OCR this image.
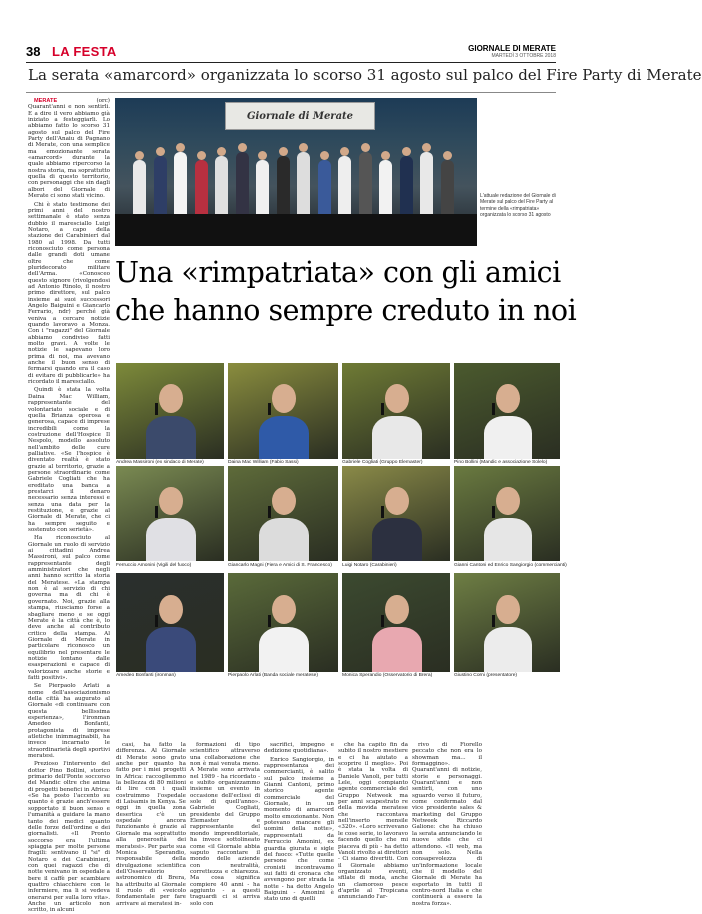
38 LA FESTA	GIORNALE DI MERATE
MARTEDÌ 3 OTTOBRE 2018
La serata «amarcord» organizzata lo scorso 31 agosto sul palco del Fire Party di Merate
Giornale di Merate
L'attuale redazione del Giornale di Merate sul palco del Fire Party al termine della «rimpatriata» organizzata lo scorso 31 agosto
Una «rimpatriata» con gli amici
che hanno sempre creduto in noi

MERATE	(orc) Quarant'anni e non sentirli. E a dire il vero abbiamo già iniziato a festeggiarli. Lo abbiamo fatto lo scorso 31 agosto sul palco del Fire Party dell'Anaiu di Pagnano di Merate, con una semplice ma emozionante serata «amarcord» durante la quale abbiamo ripercorso la nostra storia, ma soprattutto quella di questo territorio, con personaggi che sin dagli albori del Giornale di Merate ci sono stati vicino.

Chi è stato testimone dei primi anni del nostro settimanale è stato senza dubbio il maresciallo Luigi Notaro, a capo della stazione dei Carabinieri dal 1980 al 1998. Da tutti riconosciuto come persona dalle grandi doti umane oltre che come pluridecorato militare dell'Arma. «Conosceo questo signore (rivolgendosi ad Antonio Rinolo, il nostro primo direttore, sul palco insieme ai suoi successori Angelo Baiguini e Giancarlo Ferrario, ndr) perché già veniva a cercare notizie quando lavoravo a Monza. Con i "ragazzi" del Giornale abbiamo condiviso fatti molto gravi. A volte le notizie le sapevano loro prima di noi, ma avevano anche il buon senso di fermarsi quando era il caso di evitare di pubblicarle» ha ricordato il maresciallo.

Quindi è stata la volta Daina Mac William, rappresentante del volontariato sociale e di quella Brianza operosa e generosa, capace di imprese incredibili come la costruzione dell'Hospice Il Nespolo, modello assoluto nell'ambito delle cure palliative. «Se l'hospice è diventato realtà è stato grazie al territorio, grazie a persone straordinarie come Gabriele Cogliati che ha ereditato una banca a prestarci il denaro necessario senza interessi e senza una data per la restituzione, e grazie al Giornale di Merate, che ci ha sempre seguito e sostenuto con serietà».

Ha riconosciuto al Giornale un ruolo di servizio ai cittadini Andrea Massironi, sul palco come rappresentante degli amministratori che negli anni hanno scritto la storia del Meratese. «La stampa non è al servizio di chi governa ma di chi è governato. Noi, grazie alla stampa, riusciamo forse a sbagliare meno e se oggi Merate è la città che è, lo deve anche al contributo critico della stampa. Al Giornale di Merate in particolare riconosco un equilibrio nel presentare le notizie lontano dalle esasperazioni e capace di valorizzare anche storie e fatti positivi».

Se Pierpaolo Arlati a nome dell'associazionismo della città ha augurato al Giornale «di continuare con questa bellissima esperienza», l'ironman Amedeo Bonfanti, protagonista di imprese atletiche inimmaginabili, ha invece incarnato le straordinarietà degli sportivi meratesi.

Prezioso l'intervento del dottor Pino Bollini, storico primario dell'Ponte soccorso del Mandic oltre che anima di progetti benefici in Africa: «Se ha posto l'accento su quanto è grazie anch'essere sopportato il buon senso e l'umanità a guidare la mano tanto dei medici quanto delle forze dell'ordine e dei giornalisti. «Il Pronto soccorso era l'ultima spiaggia per molte persone fragili: sentivano il "si" di Notaro e dei Carabinieri, con quei ragazzi che di notte venivano in ospedale a bere il caffè per scambiare quattro chiacchiere con le infermiere, ma li si vedeva onerarsi per sulla loro vita». Anche un articolo non scritto, in alcuni

casi, ha fatto la differenza. Al Giornale di Merate sono grato anche per quanto ha fatto per i miei progetti in Africa: raccogliemmo la bellezza di 80 milioni di lire con i quali costruimmo l'ospedale di Laisamis in Kenya. Se oggi in quella zona desertica c'è un ospedale ancora funzionante è grazie al Giornale ma soprattutto alla generosità dei meratesi». Per parte sua Monica Sperandio, responsabile della divulgazione scientifica dell'Osservatorio astronomico di Brera, ha attribuito al Giornale il ruolo di «veicolo fondamentale per fare arrivare ai meratesi in-

formazioni di tipo scientifico attraverso una collaborazione che non è mai venuta meno. A Merate sono arrivata nel 1989 - ha ricordato - e subito organizzammo insieme un evento in occasione dell'eclissi di sole di quell'anno». Gabriele Cogliati, presidente del Gruppo Elemaster e rappresentante del mondo imprenditoriale, ha invece sottolineato come «il Giornale abbia saputo raccontare il mondo delle aziende con neutralità, correttezza e chiarezza. Ma cosa significa compiere 40 anni - ha aggiunto - a questi traguardi ci si arriva solo con

sacrifici, impegno e dedizione quotidiana».

Enrico Sangiorgio, in rappresentanza dei commercianti, è salito sul palco insieme a Gianni Cantoni, primo storico agente commerciale del Giornale, in un momento di amarcord molto emozionante. Non potevano mancare gli uomini della notte», rappresentati da Ferruccio Amonini, ex guardia giurata e sigle del fuoco: «Tutte quelle persone che come cronisti incontravamo sui fatti di cronaca che avvengono per strada la notte - ha detto Angelo Baiguini - Amonini è stato uno di quelli

che ha capito fin da subito il nostro mestiere e ci ha aiutato a scoprire il meglio». Poi è stata la volta di Daniele Vanoli, per tutti Lele, oggi compianto agente commerciale del Gruppo Netweek ma per anni scapestrato re della movida meratese che raccontava nell'inserto mensile «320». «Loro scrivevano le cose serie, io lavoravo facendo quello che mi piaceva di più - ha detto Vanoli rivolto ai direttori - Ci siamo divertiti. Con il Giornale abbiamo organizzato eventi, sfilate di moda, anche un clamoroso pesce d'aprile al Tropicana annunciando l'ar-

rivo di Fiorello peccato che non era lo showman ma... il formaggino». Quarant'anni di notizie, storie e personaggi. Quarant'anni e non sentirli, con uno sguardo verso il futuro, come confermato dal vice presidente sales & marketing del Gruppo Netweek Riccardo Galione: che ha chiuso la serata annunciando le nuove sfide che ci attendono. «Il web, ma non solo. Nella consapevolezza di un'informazione locale che il modello del Giornale di Merate ha esportato in tutti il centro-nord Italia e che continuerà a essere la nostra forza».

Andrea Massironi (ex sindaco di Merate)	Daina Mac William (Fabio Sassi)	Gabriele Cogliati (Gruppo Elemaster)	Pino Bollini (Mandic e associazione Solelo)
Ferruccio Amonini (Vigili del fuoco)	Giancarlo Magni (Fiera e Amici di S. Francesco)	Luigi Notaro (Carabinieri)	Gianni Cantoni ed Enrico Sangiorgio (commercianti)
Amedeo Bonfanti (ironman)	Pierpaolo Arlati (Banda sociale meratese)	Monica Sperandio (Osservatorio di Brera)	Giustino Corni (presentatore)
